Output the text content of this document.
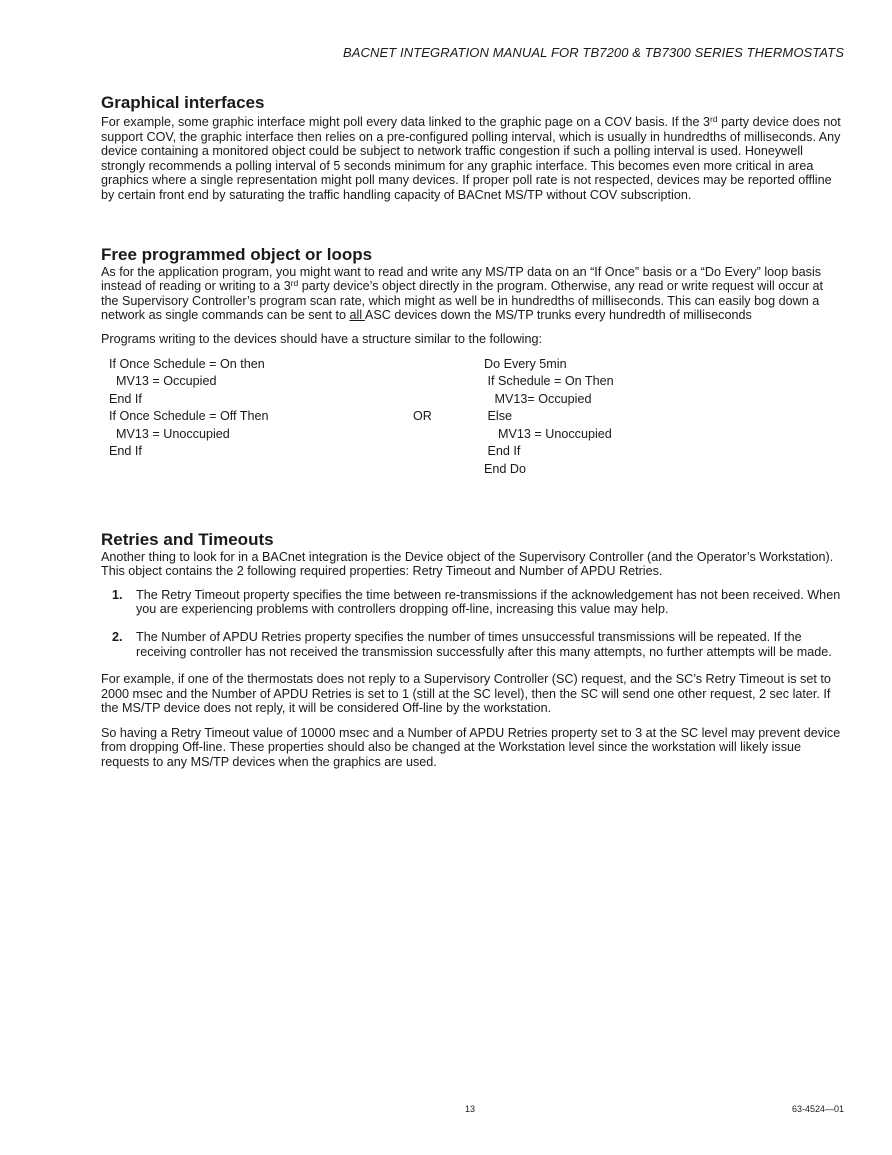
BACNET INTEGRATION MANUAL FOR TB7200 & TB7300 SERIES THERMOSTATS
Graphical interfaces

For example, some graphic interface might poll every data linked to the graphic page on a COV basis. If the 3rd party device does not support COV, the graphic interface then relies on a pre-configured polling interval, which is usually in hundredths of milliseconds. Any device containing a monitored object could be subject to network traffic congestion if such a polling interval is used. Honeywell strongly recommends a polling interval of 5 seconds minimum for any graphic interface. This becomes even more critical in area graphics where a single representation might poll many devices. If proper poll rate is not respected, devices may be reported offline by certain front end by saturating the traffic handling capacity of BACnet MS/TP without COV subscription.

Free programmed object or loops

As for the application program, you might want to read and write any MS/TP data on an “If Once” basis or a “Do Every” loop basis instead of reading or writing to a 3rd party device’s object directly in the program. Otherwise, any read or write request will occur at the Supervisory Controller’s program scan rate, which might as well be in hundredths of milliseconds. This can easily bog down a network as single commands can be sent to all ASC devices down the MS/TP trunks every hundredth of milliseconds

Programs writing to the devices should have a structure similar to the following:

If Once Schedule = On then
MV13 = Occupied
End If
If Once Schedule = Off Then
MV13 = Unoccupied
End If
OR
Do Every 5min
If Schedule = On Then
MV13= Occupied
Else
MV13 = Unoccupied
End If
End Do
Retries and Timeouts

Another thing to look for in a BACnet integration is the Device object of the Supervisory Controller (and the Operator’s Workstation). This object contains the 2 following required properties: Retry Timeout and Number of APDU Retries.

1.	The Retry Timeout property specifies the time between re-transmissions if the acknowledgement has not been received. When you are experiencing problems with controllers dropping off-line, increasing this value may help.
2.	The Number of APDU Retries property specifies the number of times unsuccessful transmissions will be repeated. If the receiving controller has not received the transmission successfully after this many attempts, no further attempts will be made.

For example, if one of the thermostats does not reply to a Supervisory Controller (SC) request, and the SC’s Retry Timeout is set to 2000 msec and the Number of APDU Retries is set to 1 (still at the SC level), then the SC will send one other request, 2 sec later. If the MS/TP device does not reply, it will be considered Off-line by the workstation.

So having a Retry Timeout value of 10000 msec and a Number of APDU Retries property set to 3 at the SC level may prevent device from dropping Off-line. These properties should also be changed at the Workstation level since the workstation will likely issue requests to any MS/TP devices when the graphics are used.

13	63-4524—01
